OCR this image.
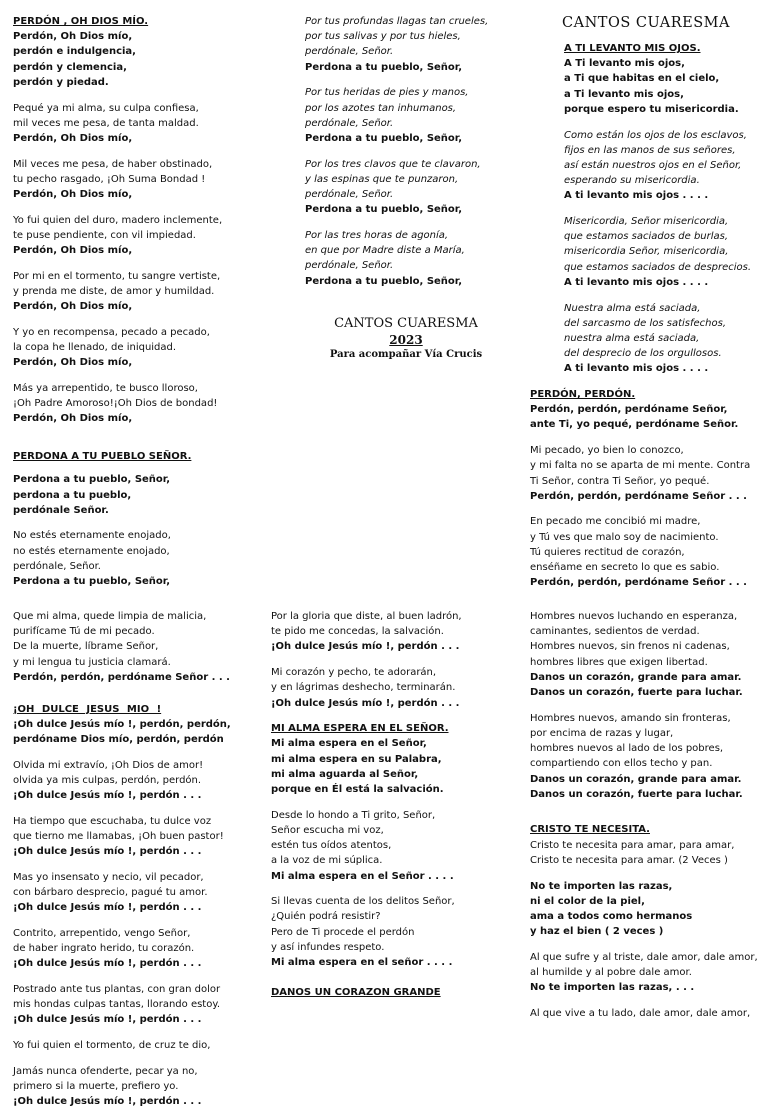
PERDÓN , OH DIOS MÍO.
Perdón, Oh Dios mío,
perdón e indulgencia,
perdón y clemencia,
perdón y piedad.
Pequé ya mi alma, su culpa confiesa,
mil veces me pesa, de tanta maldad.
Perdón, Oh Dios mío,
Mil veces me pesa, de haber obstinado,
tu pecho rasgado, ¡Oh Suma Bondad !
Perdón, Oh Dios mío,
Yo fui quien del duro, madero inclemente,
te puse pendiente, con vil impiedad.
Perdón, Oh Dios mío,
Por mi en el tormento, tu sangre vertiste,
y prenda me diste, de amor y humildad.
Perdón, Oh Dios mío,
Y yo en recompensa, pecado a pecado,
la copa he llenado, de iniquidad.
Perdón, Oh Dios mío,
Más ya arrepentido, te busco lloroso,
¡Oh Padre Amoroso!¡Oh Dios de bondad!
Perdón, Oh Dios mío,
PERDONA A TU PUEBLO SEÑOR.
Perdona a tu pueblo, Señor,
perdona a tu pueblo,
perdónale Señor.
No estés eternamente enojado,
no estés eternamente enojado,
perdónale, Señor.
Perdona a tu pueblo, Señor,
Por tus profundas llagas tan crueles,
por tus salivas y por tus hieles,
perdónale, Señor.
Perdona a tu pueblo, Señor,
Por tus heridas de pies y manos,
por los azotes tan inhumanos,
perdónale, Señor.
Perdona a tu pueblo, Señor,
Por los tres clavos que te clavaron,
y las espinas que te punzaron,
perdónale, Señor.
Perdona a tu pueblo, Señor,
Por las tres horas de agonía,
en que por Madre diste a María,
perdónale, Señor.
Perdona a tu pueblo, Señor,
CANTOS CUARESMA
2023
Para acompañar Vía Crucis
CANTOS CUARESMA
A TI LEVANTO MIS OJOS.
A Ti levanto mis ojos,
a Ti que habitas en el cielo,
a Ti levanto mis ojos,
porque espero tu misericordia.
Como están los ojos de los esclavos,
fijos en las manos de sus señores,
así están nuestros ojos en el Señor,
esperando su misericordia.
A ti levanto mis ojos . . . .
Misericordia, Señor misericordia,
que estamos saciados de burlas,
misericordia Señor, misericordia,
que estamos saciados de desprecios.
A ti levanto mis ojos . . . .
Nuestra alma está saciada,
del sarcasmo de los satisfechos,
nuestra alma está saciada,
del desprecio de los orgullosos.
A ti levanto mis ojos . . . .
PERDÓN, PERDÓN.
Perdón, perdón, perdóname Señor,
ante Ti, yo pequé, perdóname Señor.
Mi pecado, yo bien lo conozco,
y mi falta no se aparta de mi mente. Contra
Ti Señor, contra Ti Señor, yo pequé.
Perdón, perdón, perdóname Señor . . .
En pecado me concibió mi madre,
y Tú ves que malo soy de nacimiento.
Tú quieres rectitud de corazón,
enséñame en secreto lo que es sabio.
Perdón, perdón, perdóname Señor . . .
Que mi alma, quede limpia de malicia,
purifícame Tú de mi pecado.
De la muerte, líbrame Señor,
y mi lengua tu justicia clamará.
Perdón, perdón, perdóname Señor . . .
¡OH DULCE JESUS MIO !
¡Oh dulce Jesús mío !, perdón, perdón,
perdóname Dios mío, perdón, perdón
Olvida mi extravío, ¡Oh Dios de amor!
olvida ya mis culpas, perdón, perdón.
¡Oh dulce Jesús mío !, perdón . . .
Ha tiempo que escuchaba, tu dulce voz
que tierno me llamabas, ¡Oh buen pastor!
¡Oh dulce Jesús mío !, perdón . . .
Mas yo insensato y necio, vil pecador,
con bárbaro desprecio, pagué tu amor.
¡Oh dulce Jesús mío !, perdón . . .
Contrito, arrepentido, vengo Señor,
de haber ingrato herido, tu corazón.
¡Oh dulce Jesús mío !, perdón . . .
Postrado ante tus plantas, con gran dolor
mis hondas culpas tantas, llorando estoy.
¡Oh dulce Jesús mío !, perdón . . .
Yo fui quien el tormento, de cruz te dio,
Jamás nunca ofenderte, pecar ya no,
primero si la muerte, prefiero yo.
¡Oh dulce Jesús mío !, perdón . . .
Por la gloria que diste, al buen ladrón,
te pido me concedas, la salvación.
¡Oh dulce Jesús mío !, perdón . . .
Mi corazón y pecho, te adorarán,
y en lágrimas deshecho, terminarán.
¡Oh dulce Jesús mío !, perdón . . .
MI ALMA ESPERA EN EL SEÑOR.
Mi alma espera en el Señor,
mi alma espera en su Palabra,
mi alma aguarda al Señor,
porque en Él está la salvación.
Desde lo hondo a Ti grito, Señor,
Señor escucha mi voz,
estén tus oídos atentos,
a la voz de mi súplica.
Mi alma espera en el Señor . . . .
Si llevas cuenta de los delitos Señor,
¿Quién podrá resistir?
Pero de Ti procede el perdón
y así infundes respeto.
Mi alma espera en el señor . . . .
DANOS UN CORAZON GRANDE
Hombres nuevos luchando en esperanza,
caminantes, sedientos de verdad.
Hombres nuevos, sin frenos ni cadenas,
hombres libres que exigen libertad.
Danos un corazón, grande para amar.
Danos un corazón, fuerte para luchar.
Hombres nuevos, amando sin fronteras,
por encima de razas y lugar,
hombres nuevos al lado de los pobres,
compartiendo con ellos techo y pan.
Danos un corazón, grande para amar.
Danos un corazón, fuerte para luchar.
CRISTO TE NECESITA.
Cristo te necesita para amar, para amar,
Cristo te necesita para amar. (2 Veces )
No te importen las razas,
ni el color de la piel,
ama a todos como hermanos
y haz el bien ( 2 veces )
Al que sufre y al triste, dale amor, dale amor,
al humilde y al pobre dale amor.
No te importen las razas, . . .
Al que vive a tu lado, dale amor, dale amor,
